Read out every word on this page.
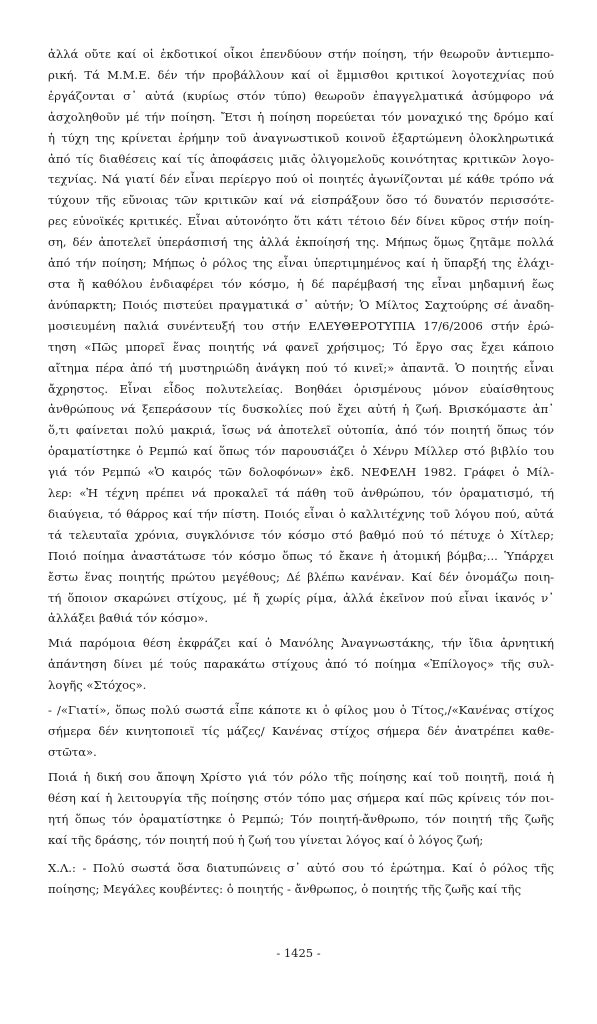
ἀλλά οὔτε καί οἱ ἐκδοτικοί οἶκοι ἐπενδύουν στήν ποίηση, τήν θεωροῦν ἀντιεμπο-
ρική. Τά Μ.Μ.Ε. δέν τήν προβάλλουν καί οἱ ἔμμισθοι κριτικοί λογοτεχνίας πού
ἐργάζονται σ᾿ αὐτά (κυρίως στόν τύπο) θεωροῦν ἐπαγγελματικά ἀσύμφορο νά
ἀσχοληθοῦν μέ τήν ποίηση. Ἔτσι ἡ ποίηση πορεύεται τόν μοναχικό της δρόμο καί
ἡ τύχη της κρίνεται ἐρήμην τοῦ ἀναγνωστικοῦ κοινοῦ ἐξαρτώμενη ὁλοκληρωτικά
ἀπό τίς διαθέσεις καί τίς ἀποφάσεις μιᾶς ὀλιγομελοῦς κοινότητας κριτικῶν λογο-
τεχνίας. Νά γιατί δέν εἶναι περίεργο πού οἱ ποιητές ἀγωνίζονται μέ κάθε τρόπο νά
τύχουν τῆς εὔνοιας τῶν κριτικῶν καί νά εἰσπράξουν ὅσο τό δυνατόν περισσότε-
ρες εὐνοϊκές κριτικές. Εἶναι αὐτονόητο ὅτι κάτι τέτοιο δέν δίνει κῦρος στήν ποίη-
ση, δέν ἀποτελεῖ ὑπεράσπισή της ἀλλά ἐκποίησή της. Μήπως ὅμως ζητᾶμε πολλά
ἀπό τήν ποίηση; Μήπως ὁ ρόλος της εἶναι ὑπερτιμημένος καί ἡ ὕπαρξή της ἐλάχι-
στα ἤ καθόλου ἐνδιαφέρει τόν κόσμο, ἡ δέ παρέμβασή της εἶναι μηδαμινή ἕως
ἀνύπαρκτη; Ποιός πιστεύει πραγματικά σ᾿ αὐτήν; Ὁ Μίλτος Σαχτούρης σέ ἀναδη-
μοσιευμένη παλιά συνέντευξή του στήν ΕΛΕΥΘΕΡΟΤΥΠΙΑ 17/6/2006 στήν ἐρώ-
τηση «Πῶς μπορεῖ ἕνας ποιητής νά φανεῖ χρήσιμος; Τό ἔργο σας ἔχει κάποιο
αἴτημα πέρα ἀπό τή μυστηριώδη ἀνάγκη πού τό κινεῖ;» ἀπαντᾶ. Ὁ ποιητής εἶναι
ἄχρηστος. Εἶναι εἶδος πολυτελείας. Βοηθάει ὁρισμένους μόνον εὐαίσθητους
ἀνθρώπους νά ξεπεράσουν τίς δυσκολίες πού ἔχει αὐτή ἡ ζωή. Βρισκόμαστε ἀπ᾿
ὅ,τι φαίνεται πολύ μακριά, ἴσως νά ἀποτελεῖ οὐτοπία, ἀπό τόν ποιητή ὅπως τόν
ὁραματίστηκε ὁ Ρεμπώ καί ὅπως τόν παρουσιάζει ὁ Χένρυ Μίλλερ στό βιβλίο του
γιά τόν Ρεμπώ «Ὁ καιρός τῶν δολοφόνων» ἐκδ. ΝΕΦΕΛΗ 1982. Γράφει ὁ Μίλ-
λερ: «Ἡ τέχνη πρέπει νά προκαλεῖ τά πάθη τοῦ ἀνθρώπου, τόν ὁραματισμό, τή
διαύγεια, τό θάρρος καί τήν πίστη. Ποιός εἶναι ὁ καλλιτέχνης τοῦ λόγου πού, αὐτά
τά τελευταῖα χρόνια, συγκλόνισε τόν κόσμο στό βαθμό πού τό πέτυχε ὁ Χίτλερ;
Ποιό ποίημα ἀναστάτωσε τόν κόσμο ὅπως τό ἔκανε ἡ ἀτομική βόμβα;... Ὑπάρχει
ἔστω ἕνας ποιητής πρώτου μεγέθους; Δέ βλέπω κανέναν. Καί δέν ὀνομάζω ποιη-
τή ὅποιον σκαρώνει στίχους, μέ ἤ χωρίς ρίμα, ἀλλά ἐκεῖνον πού εἶναι ἱκανός ν᾿
ἀλλάξει βαθιά τόν κόσμο».

Μιά παρόμοια θέση ἐκφράζει καί ὁ Μανόλης Ἀναγνωστάκης, τήν ἴδια ἀρνητική
ἀπάντηση δίνει μέ τούς παρακάτω στίχους ἀπό τό ποίημα «Ἐπίλογος» τῆς συλ-
λογῆς «Στόχος».

- /«Γιατί», ὅπως πολύ σωστά εἶπε κάποτε κι ὁ φίλος μου ὁ Τίτος,/«Κανένας στίχος
σήμερα δέν κινητοποιεῖ τίς μάζες/ Κανένας στίχος σήμερα δέν ἀνατρέπει καθε-
στῶτα».

Ποιά ἡ δική σου ἄποψη Χρίστο γιά τόν ρόλο τῆς ποίησης καί τοῦ ποιητῆ, ποιά ἡ
θέση καί ἡ λειτουργία τῆς ποίησης στόν τόπο μας σήμερα καί πῶς κρίνεις τόν ποι-
ητή ὅπως τόν ὁραματίστηκε ὁ Ρεμπώ; Τόν ποιητή-ἄνθρωπο, τόν ποιητή τῆς ζωῆς
καί τῆς δράσης, τόν ποιητή πού ἡ ζωή του γίνεται λόγος καί ὁ λόγος ζωή;

Χ.Λ.: - Πολύ σωστά ὅσα διατυπώνεις σ᾿ αὐτό σου τό ἐρώτημα. Καί ὁ ρόλος τῆς
ποίησης; Μεγάλες κουβέντες: ὁ ποιητής - ἄνθρωπος, ὁ ποιητής τῆς ζωῆς καί τῆς

- 1425 -
